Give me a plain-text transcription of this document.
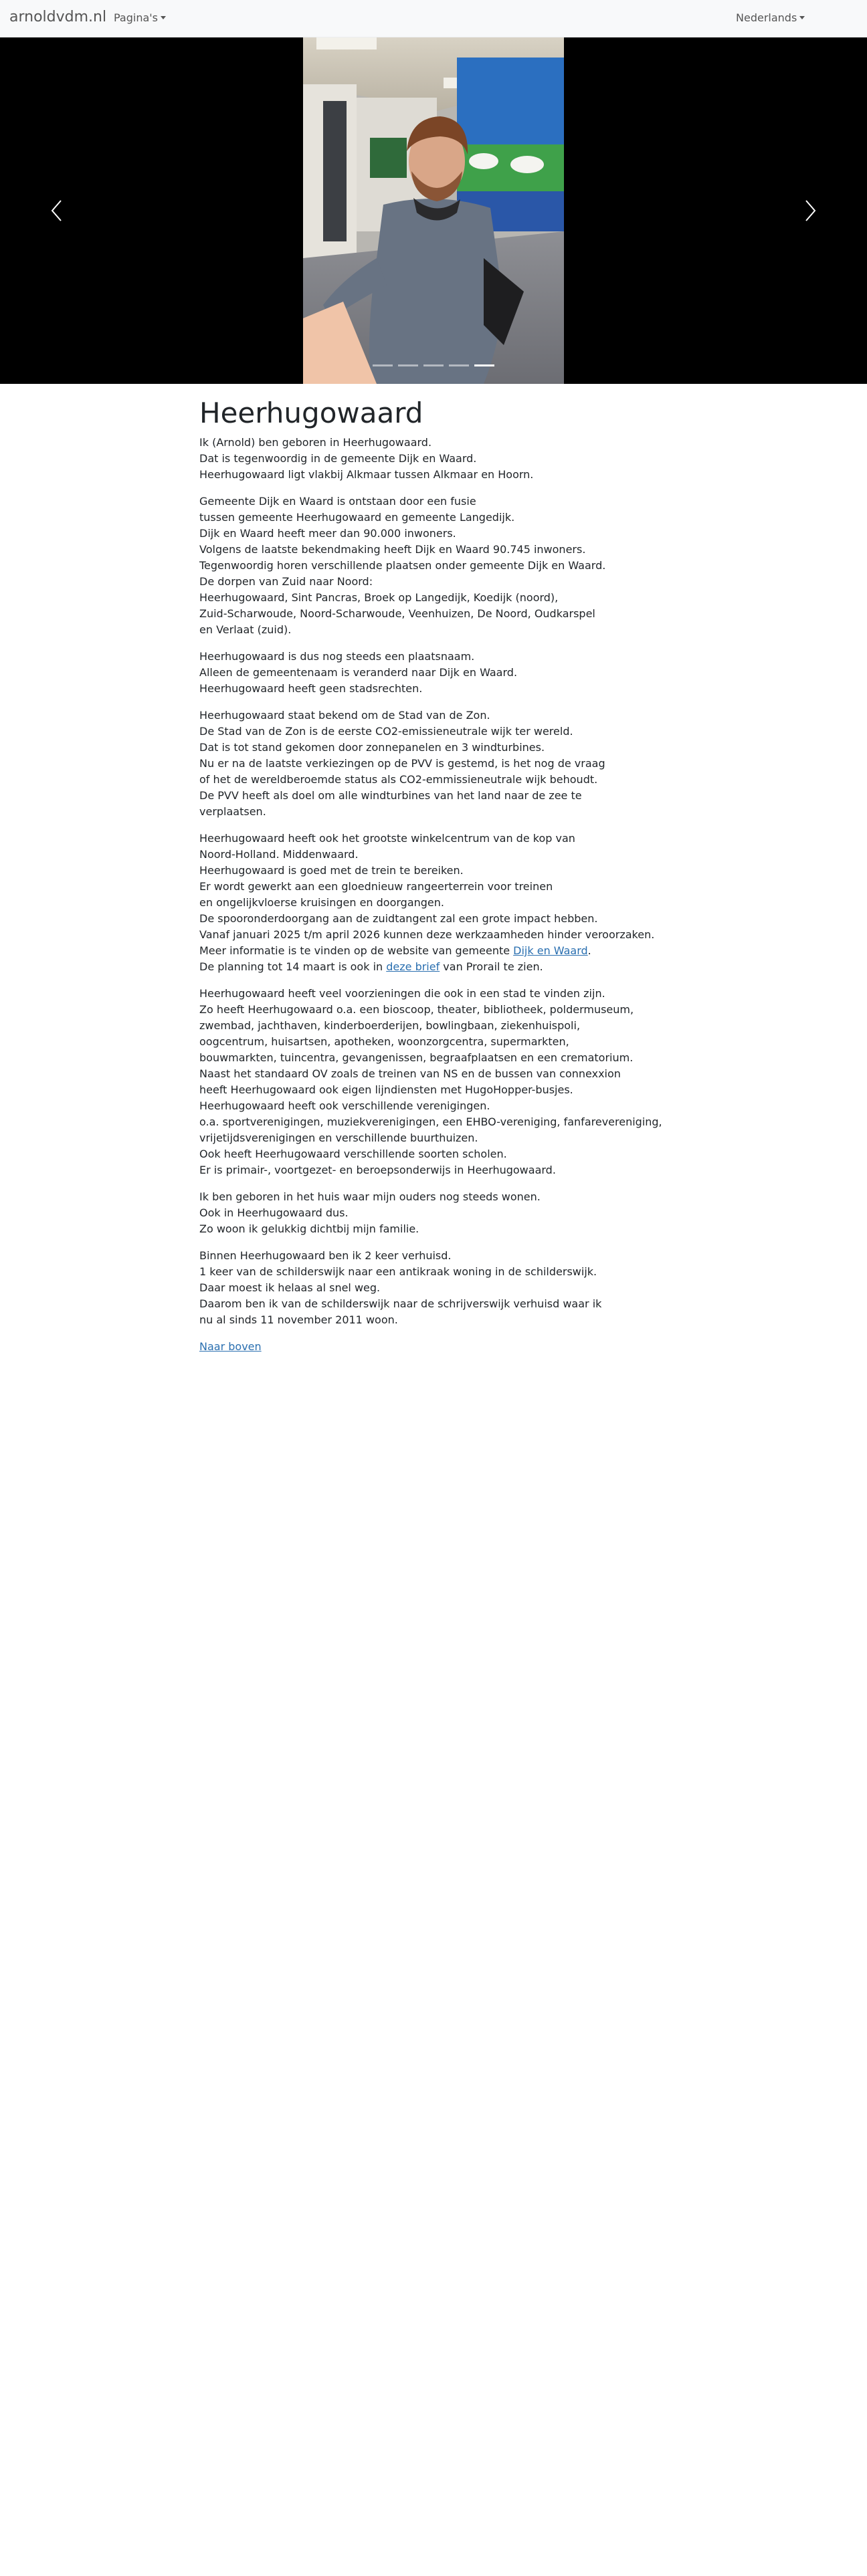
arnoldvdm.nl Pagina's	Nederlands
Heerhugowaard

Ik (Arnold) ben geboren in Heerhugowaard.
Dat is tegenwoordig in de gemeente Dijk en Waard.
Heerhugowaard ligt vlakbij Alkmaar tussen Alkmaar en Hoorn.

Gemeente Dijk en Waard is ontstaan door een fusie
tussen gemeente Heerhugowaard en gemeente Langedijk.
Dijk en Waard heeft meer dan 90.000 inwoners.
Volgens de laatste bekendmaking heeft Dijk en Waard 90.745 inwoners.
Tegenwoordig horen verschillende plaatsen onder gemeente Dijk en Waard.
De dorpen van Zuid naar Noord:
Heerhugowaard, Sint Pancras, Broek op Langedijk, Koedijk (noord),
Zuid-Scharwoude, Noord-Scharwoude, Veenhuizen, De Noord, Oudkarspel
en Verlaat (zuid).

Heerhugowaard is dus nog steeds een plaatsnaam.
Alleen de gemeentenaam is veranderd naar Dijk en Waard.
Heerhugowaard heeft geen stadsrechten.

Heerhugowaard staat bekend om de Stad van de Zon.
De Stad van de Zon is de eerste CO2-emissieneutrale wijk ter wereld.
Dat is tot stand gekomen door zonnepanelen en 3 windturbines.
Nu er na de laatste verkiezingen op de PVV is gestemd, is het nog de vraag
of het de wereldberoemde status als CO2-emmissieneutrale wijk behoudt.
De PVV heeft als doel om alle windturbines van het land naar de zee te
verplaatsen.

Heerhugowaard heeft ook het grootste winkelcentrum van de kop van
Noord-Holland. Middenwaard.
Heerhugowaard is goed met de trein te bereiken.
Er wordt gewerkt aan een gloednieuw rangeerterrein voor treinen
en ongelijkvloerse kruisingen en doorgangen.
De spooronderdoorgang aan de zuidtangent zal een grote impact hebben.
Vanaf januari 2025 t/m april 2026 kunnen deze werkzaamheden hinder veroorzaken.
Meer informatie is te vinden op de website van gemeente Dijk en Waard.
De planning tot 14 maart is ook in deze brief van Prorail te zien.

Heerhugowaard heeft veel voorzieningen die ook in een stad te vinden zijn.
Zo heeft Heerhugowaard o.a. een bioscoop, theater, bibliotheek, poldermuseum,
zwembad, jachthaven, kinderboerderijen, bowlingbaan, ziekenhuispoli,
oogcentrum, huisartsen, apotheken, woonzorgcentra, supermarkten,
bouwmarkten, tuincentra, gevangenissen, begraafplaatsen en een crematorium.
Naast het standaard OV zoals de treinen van NS en de bussen van connexxion
heeft Heerhugowaard ook eigen lijndiensten met HugoHopper-busjes.
Heerhugowaard heeft ook verschillende verenigingen.
o.a. sportverenigingen, muziekverenigingen, een EHBO-vereniging, fanfarevereniging,
vrijetijdsverenigingen en verschillende buurthuizen.
Ook heeft Heerhugowaard verschillende soorten scholen.
Er is primair-, voortgezet- en beroepsonderwijs in Heerhugowaard.

Ik ben geboren in het huis waar mijn ouders nog steeds wonen.
Ook in Heerhugowaard dus.
Zo woon ik gelukkig dichtbij mijn familie.

Binnen Heerhugowaard ben ik 2 keer verhuisd.
1 keer van de schilderswijk naar een antikraak woning in de schilderswijk.
Daar moest ik helaas al snel weg.
Daarom ben ik van de schilderswijk naar de schrijverswijk verhuisd waar ik
nu al sinds 11 november 2011 woon.

Naar boven
